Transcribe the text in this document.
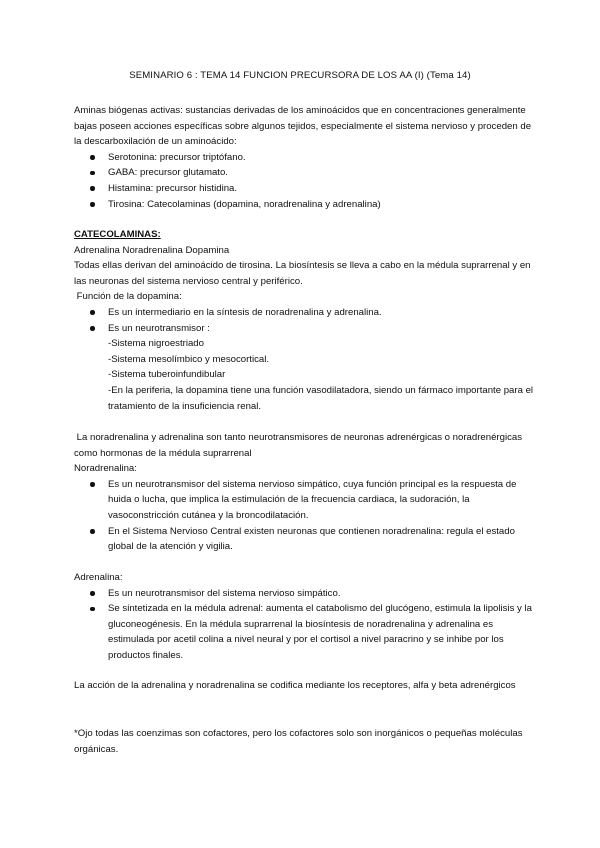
SEMINARIO 6 : TEMA 14 FUNCION PRECURSORA DE LOS AA (I) (Tema 14)

Aminas biógenas activas: sustancias derivadas de los aminoácidos que en concentraciones generalmente bajas poseen acciones específicas sobre algunos tejidos, especialmente el sistema nervioso y proceden de la descarboxilación de un aminoácido:

Serotonina: precursor triptófano.
GABA: precursor glutamato.
Histamina: precursor histidina.
Tirosina: Catecolaminas (dopamina, noradrenalina y adrenalina)

CATECOLAMINAS:

Adrenalina Noradrenalina Dopamina

Todas ellas derivan del aminoácido de tirosina. La biosíntesis se lleva a cabo en la médula suprarrenal y en las neuronas del sistema nervioso central y periférico.

Función de la dopamina:

Es un intermediario en la síntesis de noradrenalina y adrenalina.
Es un neurotransmisor :

-Sistema nigroestriado

-Sistema mesolímbico y mesocortical.

-Sistema tuberoinfundibular

-En la periferia, la dopamina tiene una función vasodilatadora, siendo un fármaco importante para el tratamiento de la insuficiencia renal.

La noradrenalina y adrenalina son tanto neurotransmisores de neuronas adrenérgicas o noradrenérgicas como hormonas de la médula suprarrenal

Noradrenalina:

Es un neurotransmisor del sistema nervioso simpático, cuya función principal es la respuesta de huida o lucha, que implica la estimulación de la frecuencia cardiaca, la sudoración, la vasoconstricción cutánea y la broncodilatación.
En el Sistema Nervioso Central existen neuronas que contienen noradrenalina: regula el estado global de la atención y vigilia.

Adrenalina:

Es un neurotransmisor del sistema nervioso simpático.
Se sintetizada en la médula adrenal: aumenta el catabolismo del glucógeno, estimula la lipolisis y la gluconeogénesis. En la médula suprarrenal la biosíntesis de noradrenalina y adrenalina es estimulada por acetil colina a nivel neural y por el cortisol a nivel paracrino y se inhibe por los productos finales.
La acción de la adrenalina y noradrenalina se codifica mediante los receptores, alfa y beta adrenérgicos
*Ojo todas las coenzimas son cofactores, pero los cofactores solo son inorgánicos o pequeñas moléculas orgánicas.
